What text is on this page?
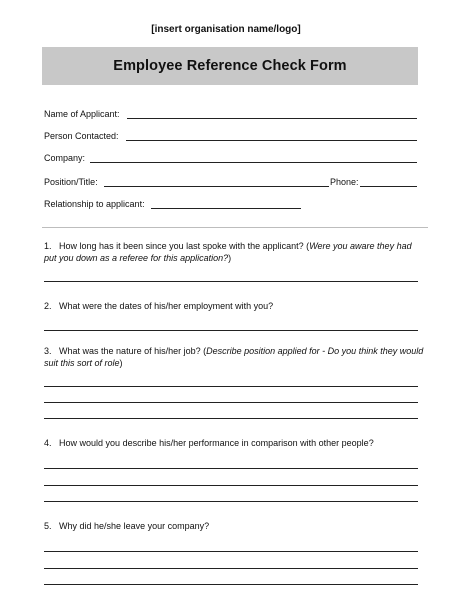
[insert organisation name/logo]
Employee Reference Check Form
Name of Applicant:
Person Contacted:
Company:
Position/Title:	Phone:
Relationship to applicant:
1. How long has it been since you last spoke with the applicant? (Were you aware they had put you down as a referee for this application?)
2. What were the dates of his/her employment with you?
3. What was the nature of his/her job? (Describe position applied for - Do you think they would suit this sort of role)
4. How would you describe his/her performance in comparison with other people?
5. Why did he/she leave your company?
